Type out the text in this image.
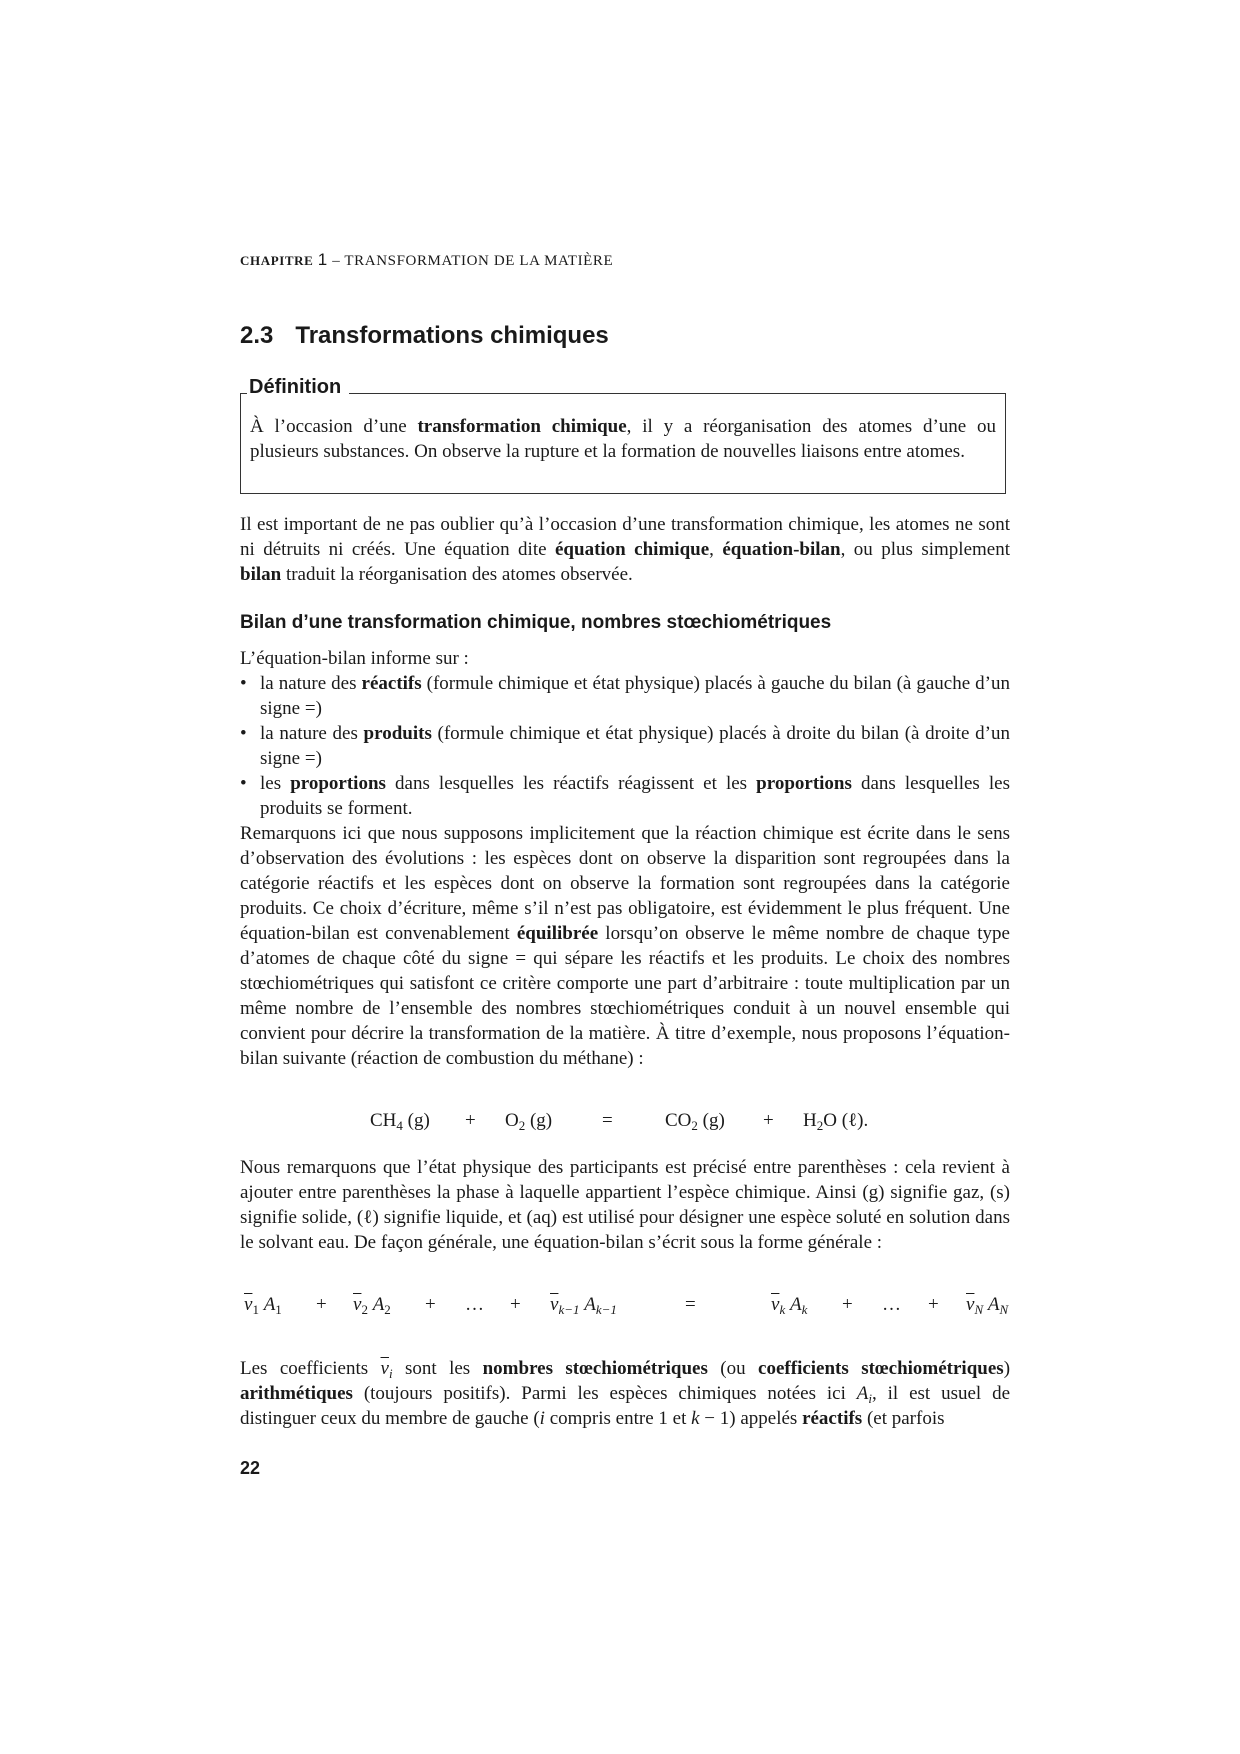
CHAPITRE 1 – TRANSFORMATION DE LA MATIÈRE
2.3 Transformations chimiques
Définition

À l’occasion d’une transformation chimique, il y a réorganisation des atomes d’une ou plusieurs substances. On observe la rupture et la formation de nouvelles liaisons entre atomes.

Il est important de ne pas oublier qu’à l’occasion d’une transformation chimique, les atomes ne sont ni détruits ni créés. Une équation dite équation chimique, équation-bilan, ou plus simplement bilan traduit la réorganisation des atomes observée.

Bilan d’une transformation chimique, nombres stœchiométriques

L’équation-bilan informe sur :

• la nature des réactifs (formule chimique et état physique) placés à gauche du bilan (à gauche d’un signe =)
• la nature des produits (formule chimique et état physique) placés à droite du bilan (à droite d’un signe =)
• les proportions dans lesquelles les réactifs réagissent et les proportions dans lesquelles les produits se forment.

Remarquons ici que nous supposons implicitement que la réaction chimique est écrite dans le sens d’observation des évolutions : les espèces dont on observe la disparition sont regroupées dans la catégorie réactifs et les espèces dont on observe la formation sont regroupées dans la catégorie produits. Ce choix d’écriture, même s’il n’est pas obligatoire, est évidemment le plus fréquent. Une équation-bilan est convenablement équilibrée lorsqu’on observe le même nombre de chaque type d’atomes de chaque côté du signe = qui sépare les réactifs et les produits. Le choix des nombres stœchiométriques qui satisfont ce critère comporte une part d’arbitraire : toute multiplication par un même nombre de l’ensemble des nombres stœchiométriques conduit à un nouvel ensemble qui convient pour décrire la transformation de la matière. À titre d’exemple, nous proposons l’équation-bilan suivante (réaction de combustion du méthane) :

$CH_4$ $(g) + O_2$ (g)	=	$CO_2$ $(g) + H_2O$ (ℓ).

Nous remarquons que l’état physique des participants est précisé entre parenthèses : cela revient à ajouter entre parenthèses la phase à laquelle appartient l’espèce chimique. Ainsi (g) signifie gaz, (s) signifie solide, (ℓ) signifie liquide, et (aq) est utilisé pour désigner une espèce soluté en solution dans le solvant eau. De façon générale, une équation-bilan s’écrit sous la forme générale :

$\overline{\nu}_1$ $A_1 + \overline{\nu}_2$ $A_2$ + … + $\overline{\nu}_{k-1}$ $A_{k-1}$	=	$\overline{\nu}_k$ $A_k$ + … + $\overline{\nu}_N$ $A_N$

Les coefficients $\overline{\nu}_i$ sont les nombres stœchiométriques (ou coefficients stœchiométriques) arithmétiques (toujours positifs). Parmi les espèces chimiques notées ici $A_i$, il est usuel de distinguer ceux du membre de gauche (i compris entre 1 et k − 1) appelés réactifs (et parfois

22
